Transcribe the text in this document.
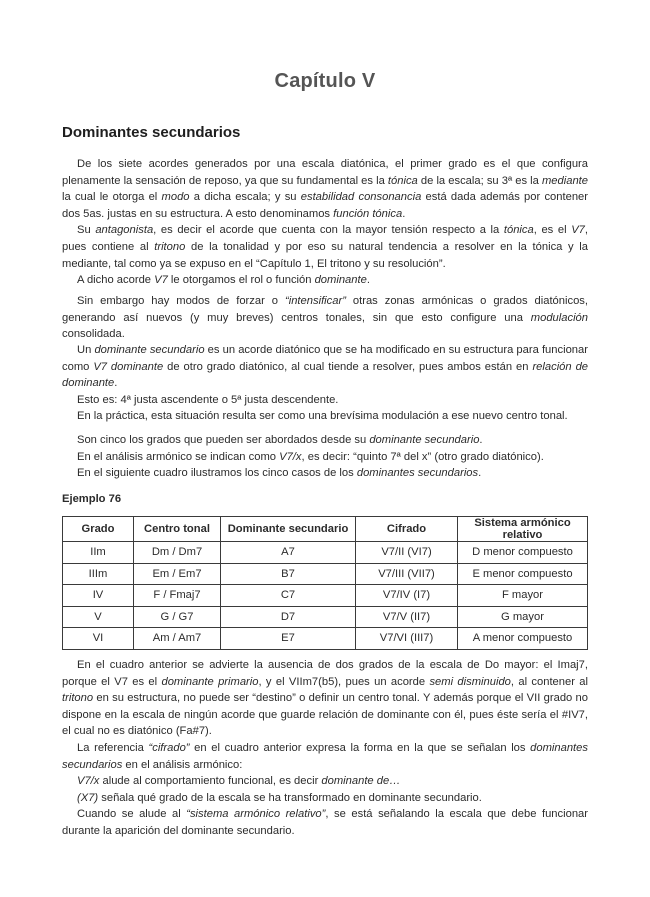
Capítulo V
Dominantes secundarios

De los siete acordes generados por una escala diatónica, el primer grado es el que configura plenamente la sensación de reposo, ya que su fundamental es la tónica de la escala; su 3ª es la mediante la cual le otorga el modo a dicha escala; y su estabilidad consonancia está dada además por contener dos 5as. justas en su estructura. A esto denominamos función tónica.

Su antagonista, es decir el acorde que cuenta con la mayor tensión respecto a la tónica, es el V7, pues contiene al tritono de la tonalidad y por eso su natural tendencia a resolver en la tónica y la mediante, tal como ya se expuso en el “Capítulo 1, El tritono y su resolución”.

A dicho acorde V7 le otorgamos el rol o función dominante.

Sin embargo hay modos de forzar o “intensificar” otras zonas armónicas o grados diatónicos, generando así nuevos (y muy breves) centros tonales, sin que esto configure una modulación consolidada.

Un dominante secundario es un acorde diatónico que se ha modificado en su estructura para funcionar como V7 dominante de otro grado diatónico, al cual tiende a resolver, pues ambos están en relación de dominante.

Esto es: 4ª justa ascendente o 5ª justa descendente.

En la práctica, esta situación resulta ser como una brevísima modulación a ese nuevo centro tonal.

Son cinco los grados que pueden ser abordados desde su dominante secundario.

En el análisis armónico se indican como V7/x, es decir: “quinto 7ª del x” (otro grado diatónico).

En el siguiente cuadro ilustramos los cinco casos de los dominantes secundarios.

Ejemplo 76
Grado	Centro tonal	Dominante secundario	Cifrado	Sistema armónico relativo
IIm	Dm / Dm7	A7	V7/II (VI7)	D menor compuesto
IIIm	Em / Em7	B7	V7/III (VII7)	E menor compuesto
IV	F / Fmaj7	C7	V7/IV (I7)	F mayor
V	G / G7	D7	V7/V (II7)	G mayor
VI	Am / Am7	E7	V7/VI (III7)	A menor compuesto

En el cuadro anterior se advierte la ausencia de dos grados de la escala de Do mayor: el Imaj7, porque el V7 es el dominante primario, y el VIIm7(b5), pues un acorde semi disminuido, al contener al tritono en su estructura, no puede ser “destino” o definir un centro tonal. Y además porque el VII grado no dispone en la escala de ningún acorde que guarde relación de dominante con él, pues éste sería el #IV7, el cual no es diatónico (Fa#7).

La referencia “cifrado” en el cuadro anterior expresa la forma en la que se señalan los dominantes secundarios en el análisis armónico:

V7/x alude al comportamiento funcional, es decir dominante de…

(X7) señala qué grado de la escala se ha transformado en dominante secundario.

Cuando se alude al “sistema armónico relativo”, se está señalando la escala que debe funcionar durante la aparición del dominante secundario.
